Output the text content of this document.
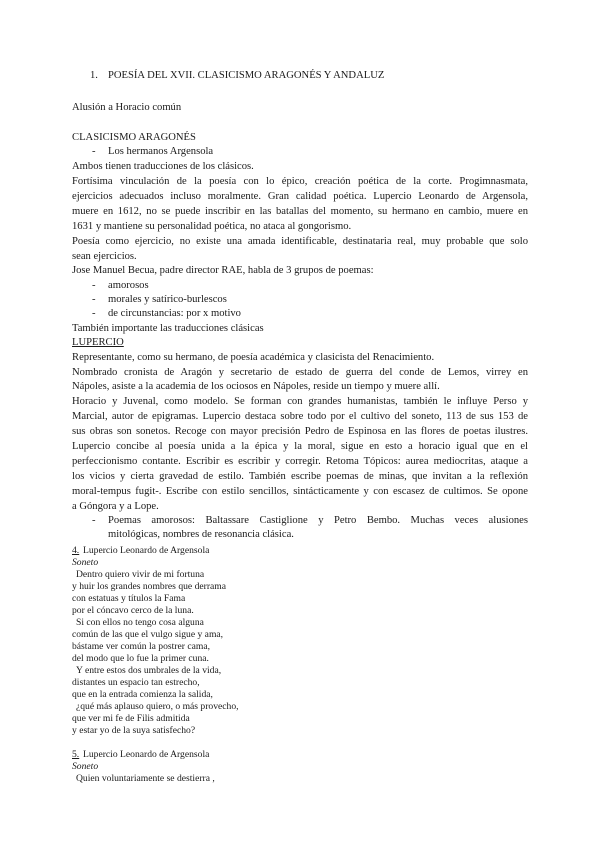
1. POESÍA DEL XVII. CLASICISMO ARAGONÉS Y ANDALUZ
Alusión a Horacio común
CLASICISMO ARAGONÉS
- Los hermanos Argensola
Ambos tienen traducciones de los clásicos.
Fortísima vinculación de la poesía con lo épico, creación poética de la corte. Progimnasmata,
ejercicios adecuados incluso moralmente. Gran calidad poética. Lupercio Leonardo de Argensola,
muere en 1612, no se puede inscribir en las batallas del momento, su hermano en cambio, muere en
1631 y mantiene su personalidad poética, no ataca al gongorismo.
Poesía como ejercicio, no existe una amada identificable, destinataria real, muy probable que solo
sean ejercicios.
Jose Manuel Becua, padre director RAE, habla de 3 grupos de poemas:
- amorosos
- morales y satírico-burlescos
- de circunstancias: por x motivo
También importante las traducciones clásicas
LUPERCIO
Representante, como su hermano, de poesía académica y clasicista del Renacimiento.
Nombrado cronista de Aragón y secretario de estado de guerra del conde de Lemos, virrey en
Nápoles, asiste a la academia de los ociosos en Nápoles, reside un tiempo y muere allí.
Horacio y Juvenal, como modelo. Se forman con grandes humanistas, también le influye Perso y
Marcial, autor de epigramas. Lupercio destaca sobre todo por el cultivo del soneto, 113 de sus 153 de
sus obras son sonetos. Recoge con mayor precisión Pedro de Espinosa en las flores de poetas ilustres.
Lupercio concibe al poesía unida a la épica y la moral, sigue en esto a horacio igual que en el
perfeccionismo contante. Escribir es escribir y corregir. Retoma Tópicos: aurea mediocritas, ataque a
los vicios y cierta gravedad de estilo. También escribe poemas de minas, que invitan a la reflexión
moral-tempus fugit-. Escribe con estilo sencillos, sintácticamente y con escasez de cultimos. Se opone
a Góngora y a Lope.
- Poemas amorosos: Baltassare Castiglione y Petro Bembo. Muchas veces alusiones
mitológicas, nombres de resonancia clásica.
4. Lupercio Leonardo de Argensola
Soneto
Dentro quiero vivir de mi fortuna
y huir los grandes nombres que derrama
con estatuas y títulos la Fama
por el cóncavo cerco de la luna.
Si con ellos no tengo cosa alguna
común de las que el vulgo sigue y ama,
bástame ver común la postrer cama,
del modo que lo fue la primer cuna.
Y entre estos dos umbrales de la vida,
distantes un espacio tan estrecho,
que en la entrada comienza la salida,
¿qué más aplauso quiero, o más provecho,
que ver mi fe de Filis admitida
y estar yo de la suya satisfecho?
5. Lupercio Leonardo de Argensola
Soneto
Quien voluntariamente se destierra ,
